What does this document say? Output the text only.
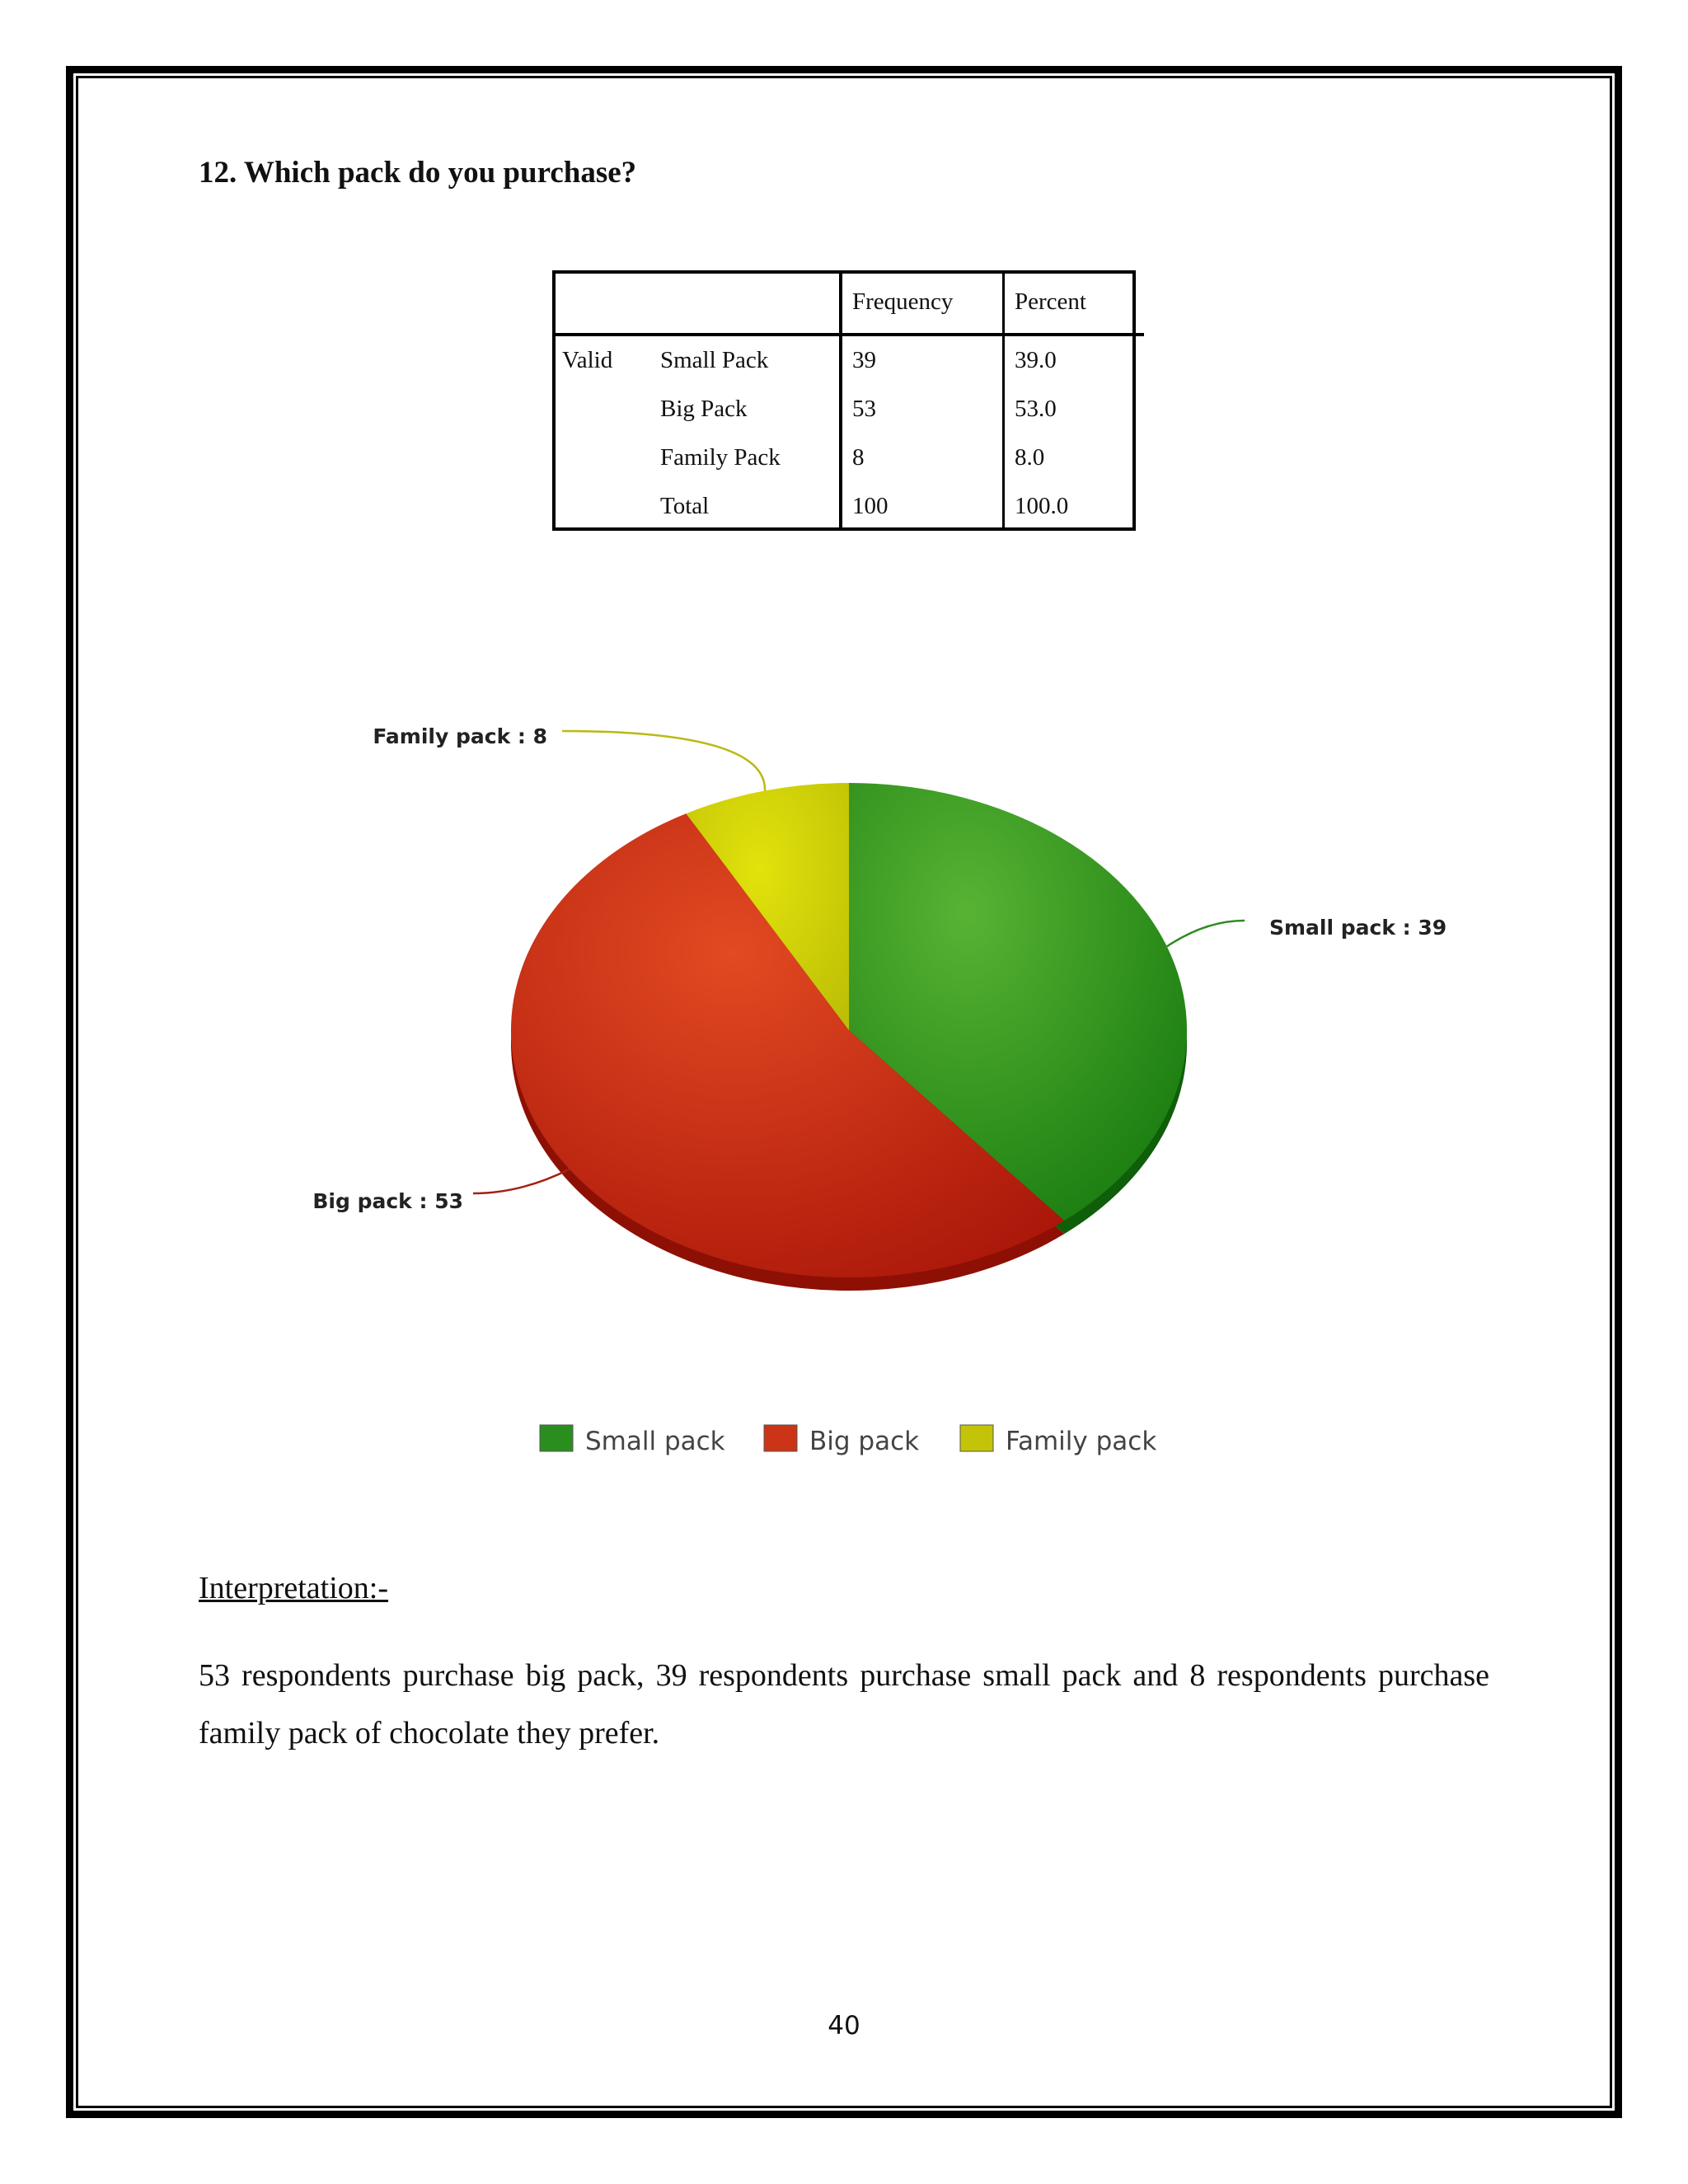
12. Which pack do you purchase?
		Frequency	Percent
Valid	Small Pack	39	39.0
	Big Pack	53	53.0
	Family Pack	8	8.0
	Total	100	100.0
Small pack : 39
Big pack : 53
Family pack : 8
Small pack	Big pack	Family pack

Interpretation:-

53 respondents purchase big pack, 39 respondents purchase small pack and 8 respondents purchase family pack of chocolate they prefer.

40
